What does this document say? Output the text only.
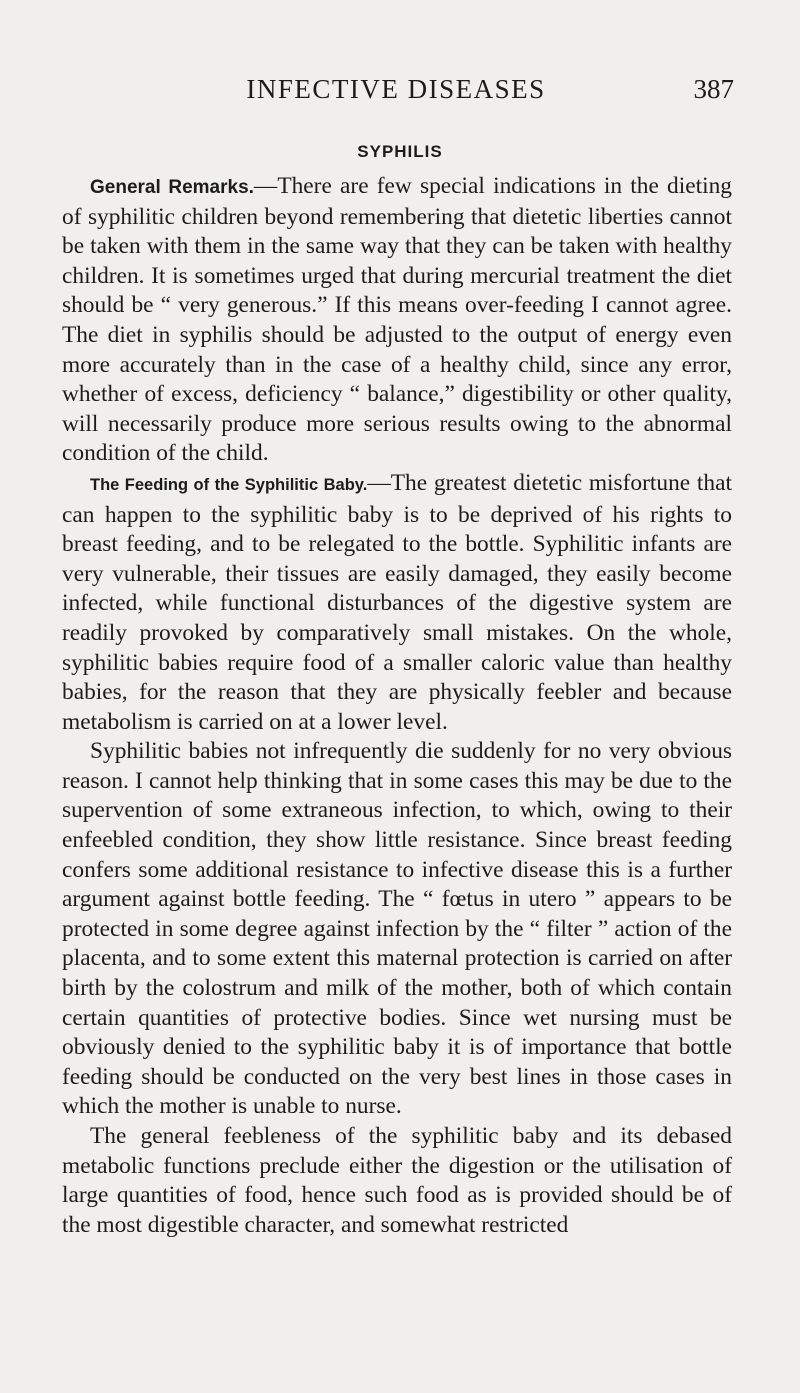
INFECTIVE DISEASES	387
SYPHILIS

General Remarks.—There are few special indications in the dieting of syphilitic children beyond remembering that dietetic liberties cannot be taken with them in the same way that they can be taken with healthy children. It is sometimes urged that during mercurial treatment the diet should be “ very generous.” If this means over-feeding I cannot agree. The diet in syphilis should be adjusted to the output of energy even more accurately than in the case of a healthy child, since any error, whether of excess, deficiency “ balance,” digestibility or other quality, will necessarily produce more serious results owing to the abnormal condition of the child.

The Feeding of the Syphilitic Baby.—The greatest dietetic misfortune that can happen to the syphilitic baby is to be deprived of his rights to breast feeding, and to be relegated to the bottle. Syphilitic infants are very vulnerable, their tissues are easily damaged, they easily become infected, while functional disturbances of the digestive system are readily provoked by comparatively small mistakes. On the whole, syphilitic babies require food of a smaller caloric value than healthy babies, for the reason that they are physically feebler and because metabolism is carried on at a lower level.

Syphilitic babies not infrequently die suddenly for no very obvious reason. I cannot help thinking that in some cases this may be due to the supervention of some extraneous infection, to which, owing to their enfeebled condition, they show little resistance. Since breast feeding confers some additional resistance to infective disease this is a further argument against bottle feeding. The “ fœtus in utero ” appears to be protected in some degree against infection by the “ filter ” action of the placenta, and to some extent this maternal protection is carried on after birth by the colostrum and milk of the mother, both of which contain certain quantities of protective bodies. Since wet nursing must be obviously denied to the syphilitic baby it is of importance that bottle feeding should be conducted on the very best lines in those cases in which the mother is unable to nurse.

The general feebleness of the syphilitic baby and its debased metabolic functions preclude either the digestion or the utilisation of large quantities of food, hence such food as is provided should be of the most digestible character, and somewhat restricted
